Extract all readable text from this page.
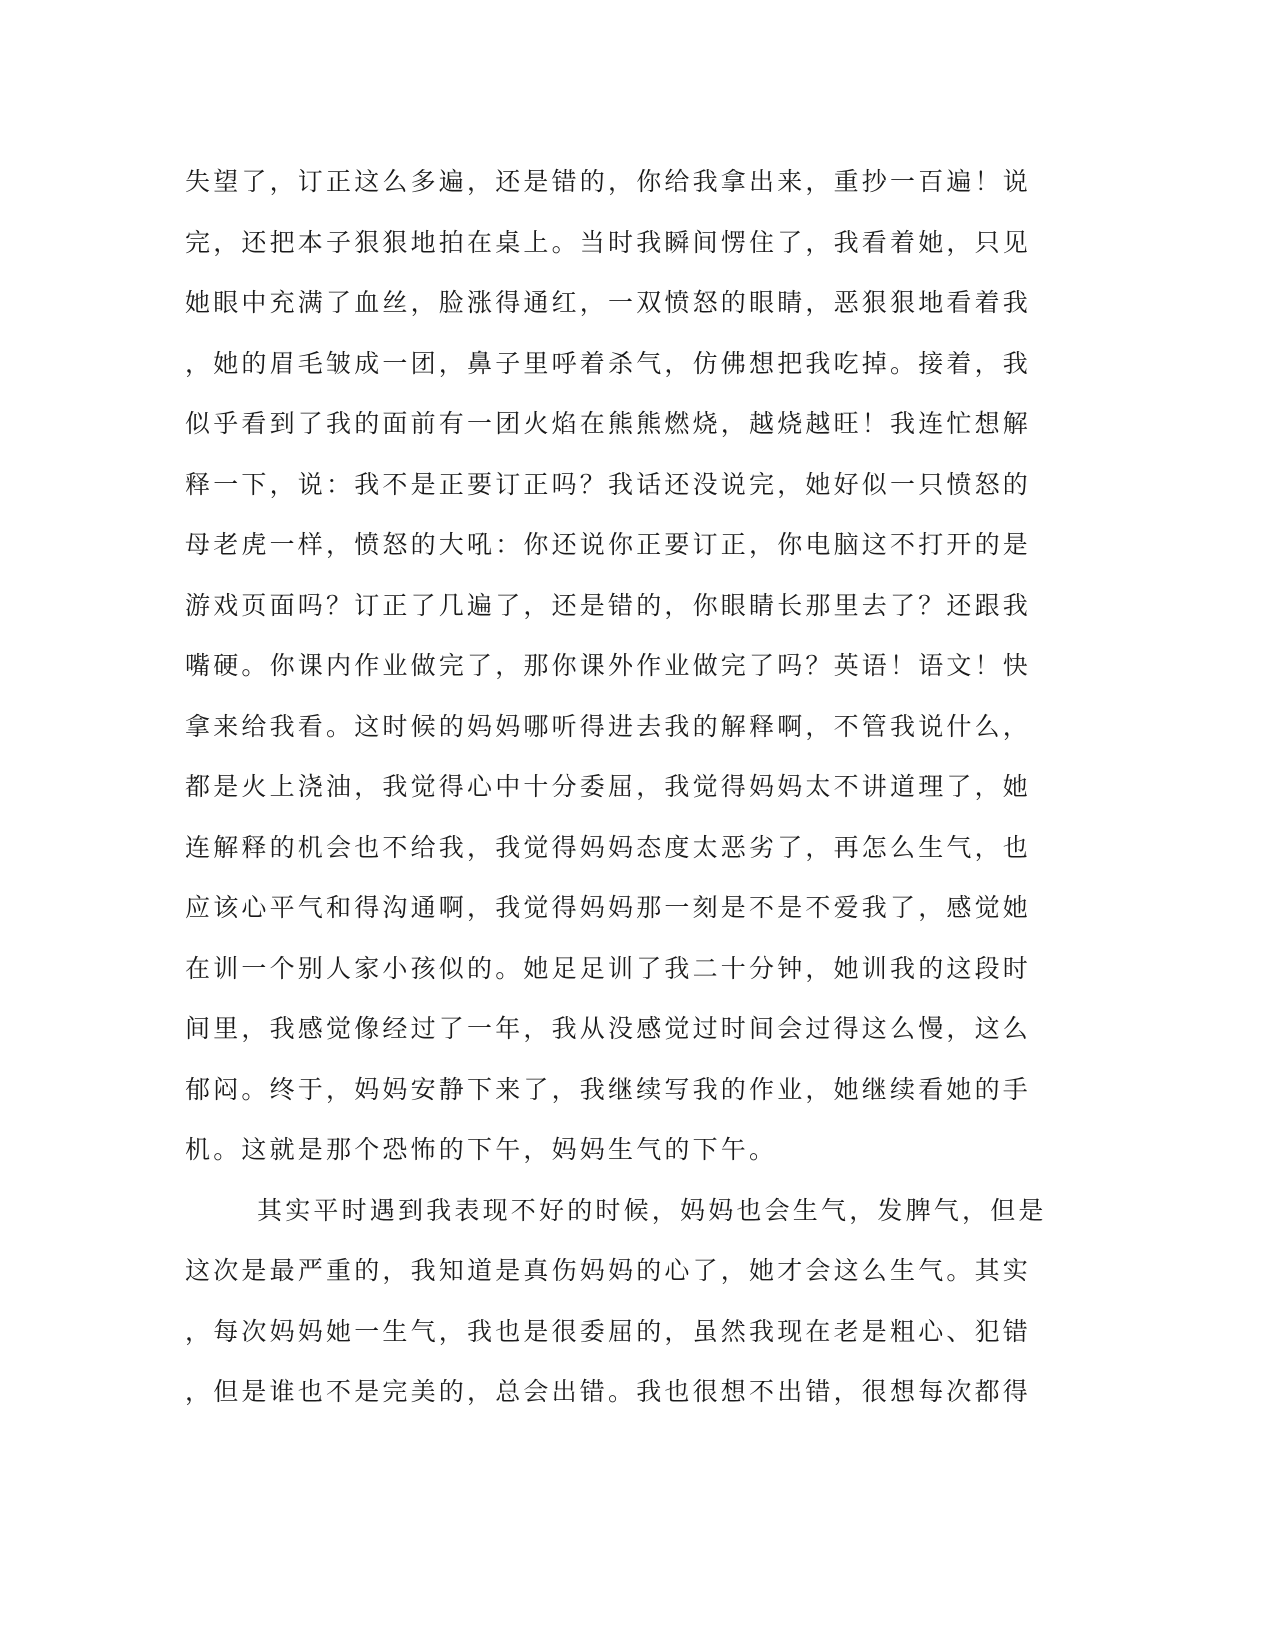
失望了，订正这么多遍，还是错的，你给我拿出来，重抄一百遍！说
完，还把本子狠狠地拍在桌上。当时我瞬间愣住了，我看着她，只见
她眼中充满了血丝，脸涨得通红，一双愤怒的眼睛，恶狠狠地看着我
，她的眉毛皱成一团，鼻子里呼着杀气，仿佛想把我吃掉。接着，我
似乎看到了我的面前有一团火焰在熊熊燃烧，越烧越旺！我连忙想解
释一下，说：我不是正要订正吗？我话还没说完，她好似一只愤怒的
母老虎一样，愤怒的大吼：你还说你正要订正，你电脑这不打开的是
游戏页面吗？订正了几遍了，还是错的，你眼睛长那里去了？还跟我
嘴硬。你课内作业做完了，那你课外作业做完了吗？英语！语文！快
拿来给我看。这时候的妈妈哪听得进去我的解释啊，不管我说什么，
都是火上浇油，我觉得心中十分委屈，我觉得妈妈太不讲道理了，她
连解释的机会也不给我，我觉得妈妈态度太恶劣了，再怎么生气，也
应该心平气和得沟通啊，我觉得妈妈那一刻是不是不爱我了，感觉她
在训一个别人家小孩似的。她足足训了我二十分钟，她训我的这段时
间里，我感觉像经过了一年，我从没感觉过时间会过得这么慢，这么
郁闷。终于，妈妈安静下来了，我继续写我的作业，她继续看她的手
机。这就是那个恐怖的下午，妈妈生气的下午。
其实平时遇到我表现不好的时候，妈妈也会生气，发脾气，但是
这次是最严重的，我知道是真伤妈妈的心了，她才会这么生气。其实
，每次妈妈她一生气，我也是很委屈的，虽然我现在老是粗心、犯错
，但是谁也不是完美的，总会出错。我也很想不出错，很想每次都得
